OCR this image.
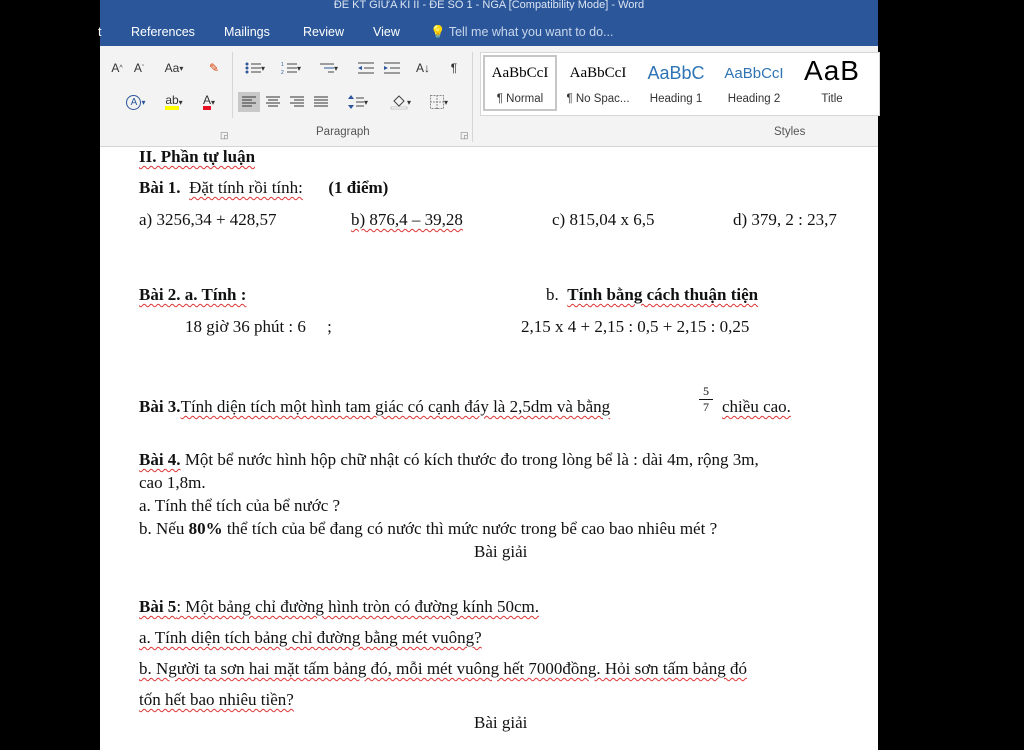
ĐỀ KT GIỮA KÌ II - ĐỀ SỐ 1 - NGA [Compatibility Mode] - Word
t References Mailings	Review View 💡 Tell me what you want to do...
A ^ A ˇ Aa ▾	✎
A ▾ ab ▾ A ▾
▾	1
2
▾	▾	A↓	¶
▾	▾	▾
◲	Paragraph	◲
AaBbCcI
¶ Normal
AaBbCcI
¶ No Spac...
AaBbC
Heading 1
AaBbCcI
Heading 2
AaB
Title
Styles
II. Phần tự luận
Bài 1. Đặt tính rồi tính: (1 điểm)
a) 3256,34 + 428,57	b) 876,4 – 39,28	c) 815,04 x 6,5	d) 379, 2 : 23,7
Bài 2. a. Tính :	b. Tính bằng cách thuận tiện
18 giờ 36 phút : 6     ;	2,15 x 4 + 2,15 : 0,5 + 2,15 : 0,25
Bài 3.Tính diện tích một hình tam giác có cạnh đáy là 2,5dm và bằng
5
7 chiều cao.
Bài 4. Một bể nước hình hộp chữ nhật có kích thước đo trong lòng bể là : dài 4m, rộng 3m,
cao 1,8m.
a. Tính thể tích của bể nước ?
b. Nếu 80% thể tích của bể đang có nước thì mức nước trong bể cao bao nhiêu mét ?
Bài giải
Bài 5: Một bảng chỉ đường hình tròn có đường kính 50cm.
a. Tính diện tích bảng chỉ đường bằng mét vuông?
b. Người ta sơn hai mặt tấm bảng đó, mỗi mét vuông hết 7000đồng. Hỏi sơn tấm bảng đó
tốn hết bao nhiêu tiền?
Bài giải
